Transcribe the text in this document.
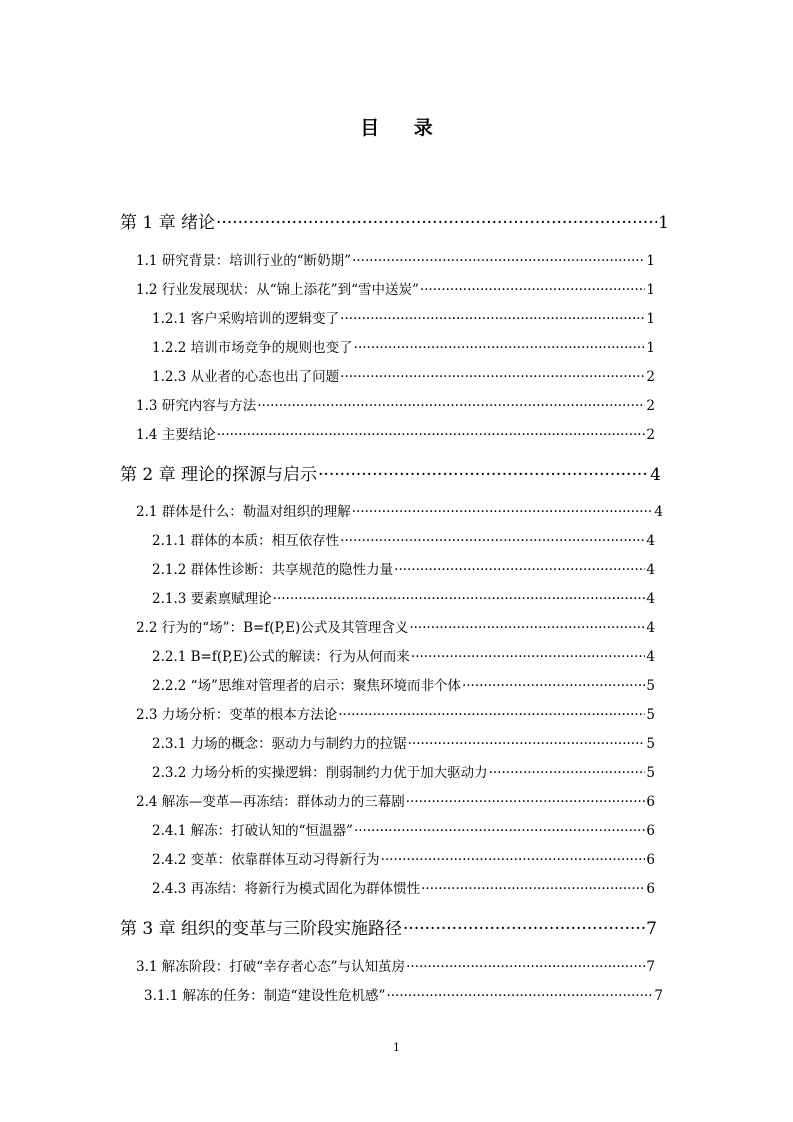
目 录
第 1 章 绪论 ·····	1
1.1 研究背景：培训行业的“断奶期” ·····	1
1.2 行业发展现状：从“锦上添花”到“雪中送炭” ·····	1
1.2.1 客户采购培训的逻辑变了 ·····	1
1.2.2 培训市场竞争的规则也变了 ·····	1
1.2.3 从业者的心态也出了问题 ·····	2
1.3 研究内容与方法 ·····	2
1.4 主要结论 ·····	2
第 2 章 理论的探源与启示 ·····	4
2.1 群体是什么：勒温对组织的理解 ·····	4
2.1.1 群体的本质：相互依存性 ·····	4
2.1.2 群体性诊断：共享规范的隐性力量 ·····	4
2.1.3 要素禀赋理论 ·····	4
2.2 行为的“场”：B=f(P,E)公式及其管理含义 ·····	4
2.2.1 B=f(P,E)公式的解读：行为从何而来 ·····	4
2.2.2 “场”思维对管理者的启示：聚焦环境而非个体 ·····	5
2.3 力场分析：变革的根本方法论 ·····	5
2.3.1 力场的概念：驱动力与制约力的拉锯 ·····	5
2.3.2 力场分析的实操逻辑：削弱制约力优于加大驱动力 ·····	5
2.4 解冻—变革—再冻结：群体动力的三幕剧 ·····	6
2.4.1 解冻：打破认知的“恒温器” ·····	6
2.4.2 变革：依靠群体互动习得新行为 ·····	6
2.4.3 再冻结：将新行为模式固化为群体惯性 ·····	6
第 3 章 组织的变革与三阶段实施路径 ·····	7
3.1 解冻阶段：打破“幸存者心态”与认知茧房 ·····	7
3.1.1 解冻的任务：制造“建设性危机感” ·····	7
1
